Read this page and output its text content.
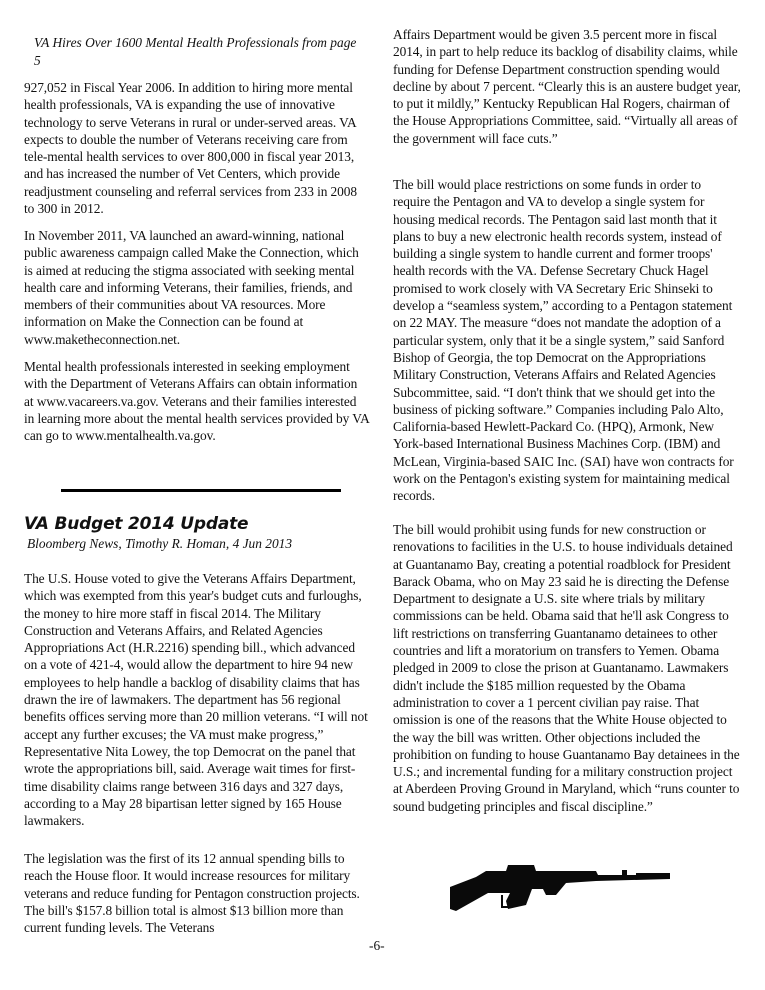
VA Hires Over 1600 Mental Health Professionals from page 5

927,052 in Fiscal Year 2006. In addition to hiring more mental health professionals, VA is expanding the use of innovative technology to serve Veterans in rural or under-served areas. VA expects to double the number of Veterans receiving care from tele-mental health services to over 800,000 in fiscal year 2013, and has increased the number of Vet Centers, which provide readjustment counseling and referral services from 233 in 2008 to 300 in 2012.

In November 2011, VA launched an award-winning, national public awareness campaign called Make the Connection, which is aimed at reducing the stigma associated with seeking mental health care and informing Veterans, their families, friends, and members of their communities about VA resources. More information on Make the Connection can be found at www.maketheconnection.net.

Mental health professionals interested in seeking employment with the Department of Veterans Affairs can obtain information at www.vacareers.va.gov. Veterans and their families interested in learning more about the mental health services provided by VA can go to www.mentalhealth.va.gov.

VA Budget 2014 Update
Bloomberg News, Timothy R. Homan, 4 Jun 2013

The U.S. House voted to give the Veterans Affairs Department, which was exempted from this year's budget cuts and furloughs, the money to hire more staff in fiscal 2014. The Military Construction and Veterans Affairs, and Related Agencies Appropriations Act (H.R.2216) spending bill., which advanced on a vote of 421-4, would allow the department to hire 94 new employees to help handle a backlog of disability claims that has drawn the ire of lawmakers. The department has 56 regional benefits offices serving more than 20 million veterans. “I will not accept any further excuses; the VA must make progress,” Representative Nita Lowey, the top Democrat on the panel that wrote the appropriations bill, said. Average wait times for first-time disability claims range between 316 days and 327 days, according to a May 28 bipartisan letter signed by 165 House lawmakers.

The legislation was the first of its 12 annual spending bills to reach the House floor. It would increase resources for military veterans and reduce funding for Pentagon construction projects. The bill's $157.8 billion total is almost $13 billion more than current funding levels. The Veterans

Affairs Department would be given 3.5 percent more in fiscal 2014, in part to help reduce its backlog of disability claims, while funding for Defense Department construction spending would decline by about 7 percent. “Clearly this is an austere budget year, to put it mildly,” Kentucky Republican Hal Rogers, chairman of the House Appropriations Committee, said. “Virtually all areas of the government will face cuts.”

The bill would place restrictions on some funds in order to require the Pentagon and VA to develop a single system for housing medical records. The Pentagon said last month that it plans to buy a new electronic health records system, instead of building a single system to handle current and former troops' health records with the VA. Defense Secretary Chuck Hagel promised to work closely with VA Secretary Eric Shinseki to develop a “seamless system,” according to a Pentagon statement on 22 MAY. The measure “does not mandate the adoption of a particular system, only that it be a single system,” said Sanford Bishop of Georgia, the top Democrat on the Appropriations Military Construction, Veterans Affairs and Related Agencies Subcommittee, said. “I don't think that we should get into the business of picking software.” Companies including Palo Alto, California-based Hewlett-Packard Co. (HPQ), Armonk, New York-based International Business Machines Corp. (IBM) and McLean, Virginia-based SAIC Inc. (SAI) have won contracts for work on the Pentagon's existing system for maintaining medical records.

The bill would prohibit using funds for new construction or renovations to facilities in the U.S. to house individuals detained at Guantanamo Bay, creating a potential roadblock for President Barack Obama, who on May 23 said he is directing the Defense Department to designate a U.S. site where trials by military commissions can be held. Obama said that he'll ask Congress to lift restrictions on transferring Guantanamo detainees to other countries and lift a moratorium on transfers to Yemen. Obama pledged in 2009 to close the prison at Guantanamo. Lawmakers didn't include the $185 million requested by the Obama administration to cover a 1 percent civilian pay raise. That omission is one of the reasons that the White House objected to the way the bill was written. Other objections included the prohibition on funding to house Guantanamo Bay detainees in the U.S.; and incremental funding for a military construction project at Aberdeen Proving Ground in Maryland, which “runs counter to sound budgeting principles and fiscal discipline.”

-6-
